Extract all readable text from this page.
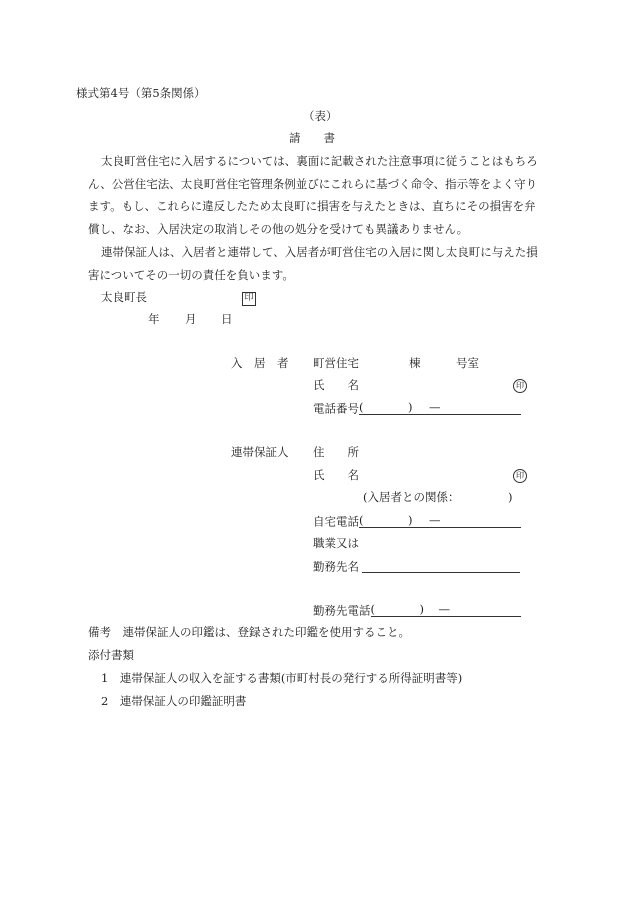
様式第4号（第5条関係）
（表）
請　　書
太良町営住宅に入居するについては、裏面に記載された注意事項に従うことはもちろ
ん、公営住宅法、太良町営住宅管理条例並びにこれらに基づく命令、指示等をよく守り
ます。もし、これらに違反したため太良町に損害を与えたときは、直ちにその損害を弁
償し、なお、入居決定の取消しその他の処分を受けても異議ありません。
連帯保証人は、入居者と連帯して、入居者が町営住宅の入居に関し太良町に与えた損
害についてその一切の責任を負います。
太良町長	印
年 月 日
入　居　者 町営住宅	棟	号室
氏　　名	印
電話番号 (	) —
連帯保証人 住　　所
氏　　名	印
(入居者との関係：	)
自宅電話 (	) —
職業又は
勤務先名
勤務先電話 (	) —
備考　連帯保証人の印鑑は、登録された印鑑を使用すること。
添付書類
1　連帯保証人の収入を証する書類(市町村長の発行する所得証明書等)
2　連帯保証人の印鑑証明書
